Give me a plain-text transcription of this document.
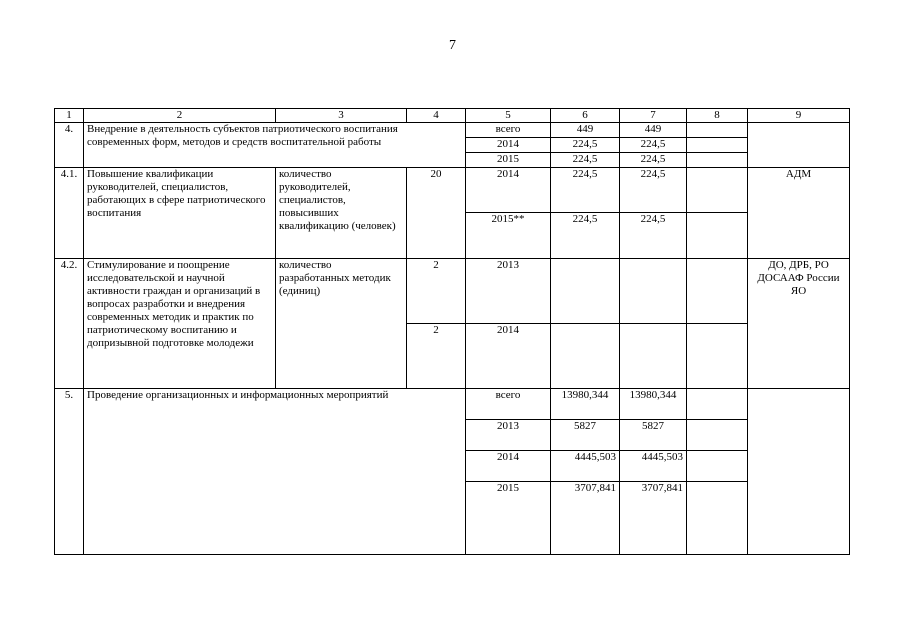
7
1	2	3	4	5	6	7	8	9
4.	Внедрение в деятельность субъектов патриотического воспитания современных форм, методов и средств воспитательной работы			всего	449	449		
				2014	224,5	224,5		
				2015	224,5	224,5		
4.1.	Повышение квалификации руководителей, специалистов, работающих в сфере патриотического воспитания	количество руководителей, специалистов, повысивших квалификацию (человек)	20	2014	224,5	224,5		АДМ
				2015**	224,5	224,5		
4.2.	Стимулирование и поощрение исследовательской и научной активности граждан и организаций в вопросах разработки и внедрения современных методик и практик по патриотическому воспитанию и допризывной подготовке молодежи	количество разработанных методик (единиц)	2	2013				ДО, ДРБ, РО ДОСААФ России ЯО
			2	2014				
5.	Проведение организационных и информационных мероприятий			всего	13980,344	13980,344		
				2013	5827	5827		
				2014	4445,503	4445,503		
				2015	3707,841	3707,841		
